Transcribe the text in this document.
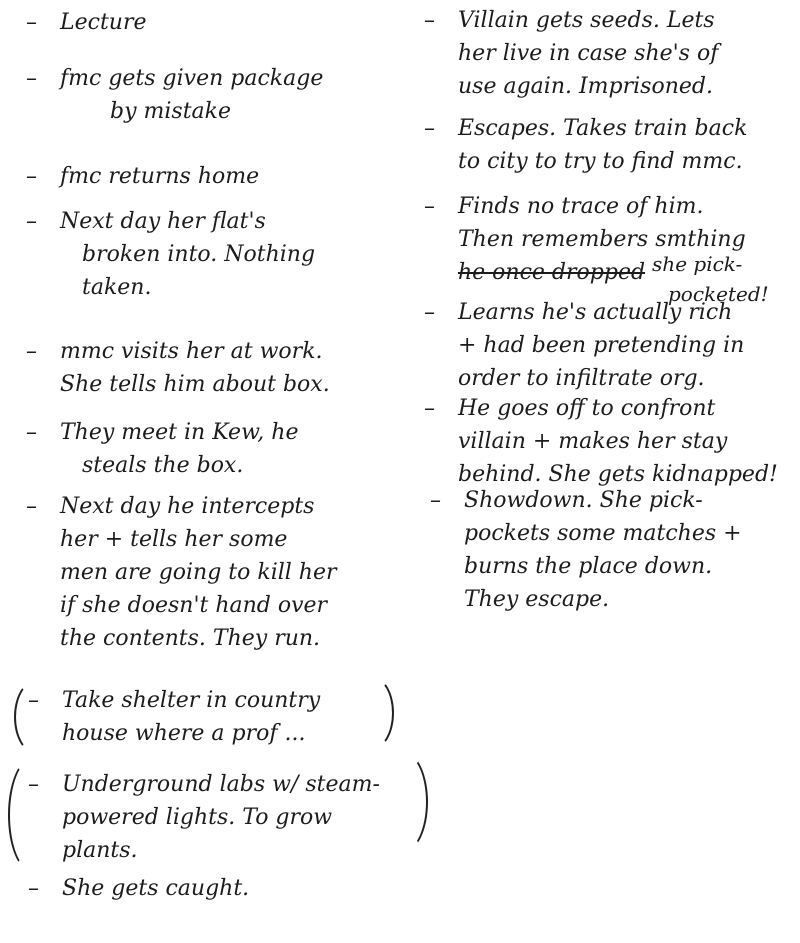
– Lecture
– fmc gets given package
by mistake
– fmc returns home
– Next day her flat's
broken into. Nothing
taken.
– mmc visits her at work.
She tells him about box.
– They meet in Kew, he
steals the box.
– Next day he intercepts
her + tells her some
men are going to kill her
if she doesn't hand over
the contents. They run.
– Take shelter in country
house where a prof ...
– Underground labs w/ steam-
powered lights. To grow
plants.
– She gets caught.
– Villain gets seeds. Lets
her live in case she's of
use again. Imprisoned.
– Escapes. Takes train back
to city to try to find mmc.
– Finds no trace of him.
Then remembers smthing
he once dropped she pick-
pocketed!
– Learns he's actually rich
+ had been pretending in
order to infiltrate org.
– He goes off to confront
villain + makes her stay
behind. She gets kidnapped!
– Showdown. She pick-
pockets some matches +
burns the place down.
They escape.
